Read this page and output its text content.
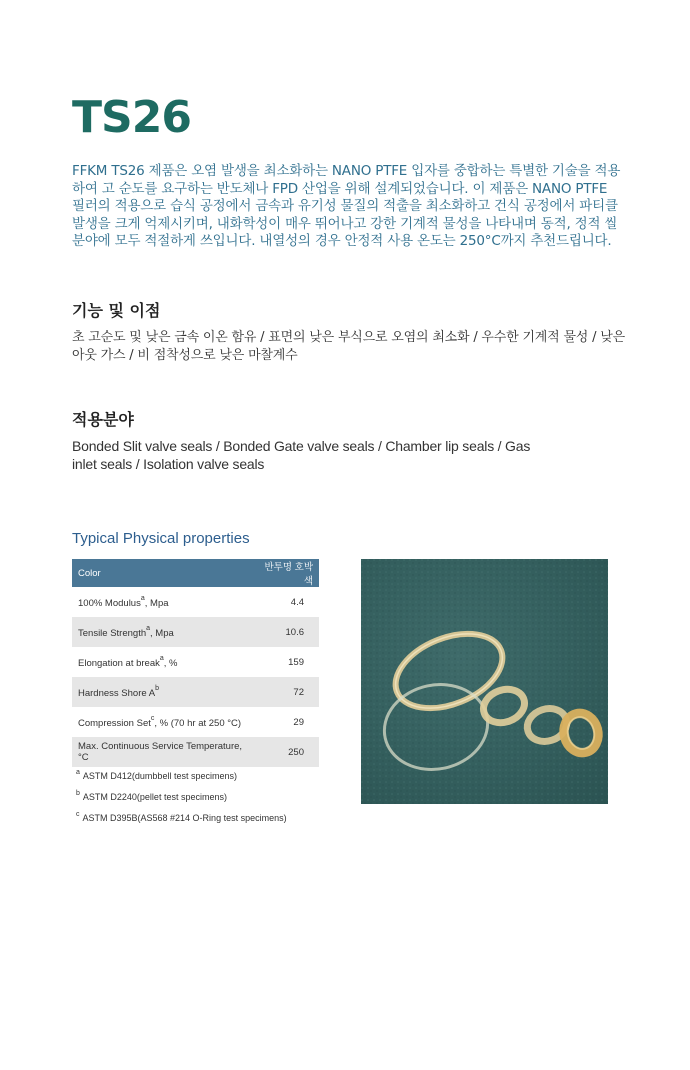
TS26
FFKM TS26 제품은 오염 발생을 최소화하는 NANO PTFE 입자를 중합하는 특별한 기술을 적용하여 고 순도를 요구하는 반도체나 FPD 산업을 위해 설계되었습니다. 이 제품은 NANO PTFE 필러의 적용으로 습식 공정에서 금속과 유기성 물질의 적출을 최소화하고 건식 공정에서 파티클 발생을 크게 억제시키며, 내화학성이 매우 뛰어나고 강한 기계적 물성을 나타내며 동적, 정적 씰 분야에 모두 적절하게 쓰입니다. 내열성의 경우 안정적 사용 온도는 250°C까지 추천드립니다.
기능 및 이점
초 고순도 및 낮은 금속 이온 함유 / 표면의 낮은 부식으로 오염의 최소화 / 우수한 기계적 물성 / 낮은 아웃 가스 / 비 점착성으로 낮은 마찰계수
적용분야
Bonded Slit valve seals / Bonded Gate valve seals / Chamber lip seals / Gas inlet seals / Isolation valve seals
Typical Physical properties
Color	반투명 호박색
100% Modulus$^a$, Mpa	4.4
Tensile Strength$^a$, Mpa	10.6
Elongation at break$^a$, %	159
Hardness Shore $A^b$	72
Compression Set$^c$, % (70 hr at 250 °C)	29
Max. Continuous Service Temperature, °C	250
$^a$ ASTM D412(dumbbell test specimens)
$^b$ ASTM D2240(pellet test specimens)
$^c$ ASTM D395B(AS568 #214 O-Ring test specimens)
